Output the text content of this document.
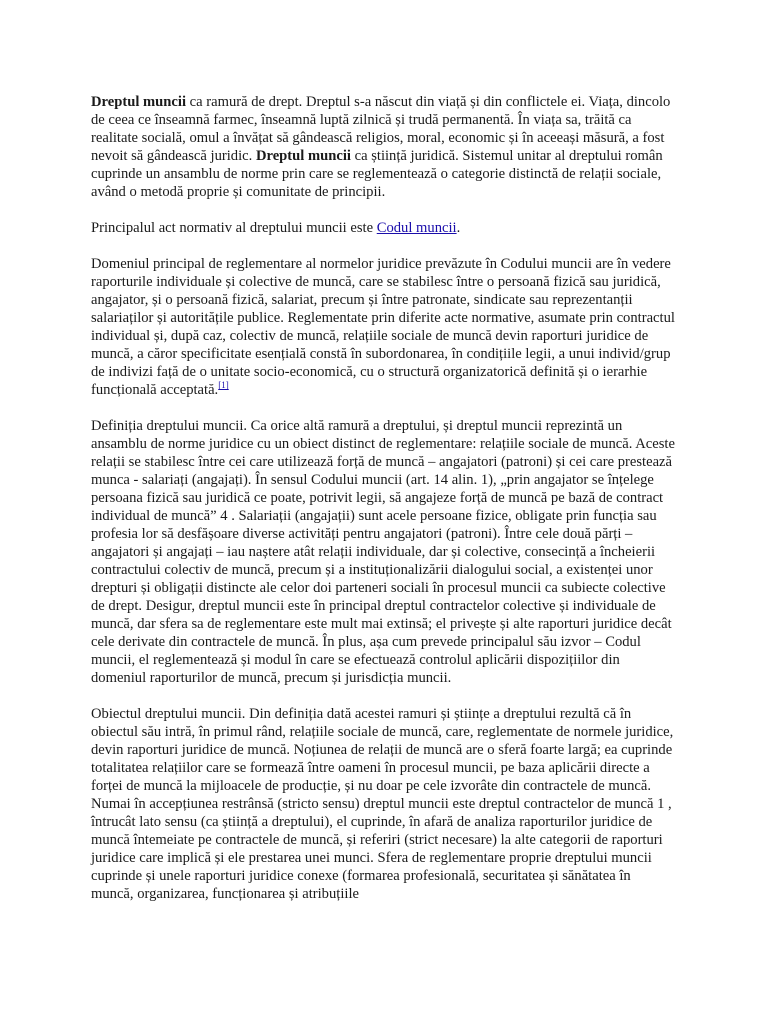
Dreptul muncii ca ramură de drept. Dreptul s-a născut din viață și din conflictele ei. Viața, dincolo de ceea ce înseamnă farmec, înseamnă luptă zilnică și trudă permanentă. În viața sa, trăită ca realitate socială, omul a învățat să gândească religios, moral, economic și în aceeași măsură, a fost nevoit să gândească juridic. Dreptul muncii ca știință juridică. Sistemul unitar al dreptului român cuprinde un ansamblu de norme prin care se reglementează o categorie distinctă de relații sociale, având o metodă proprie și comunitate de principii.

Principalul act normativ al dreptului muncii este Codul muncii.

Domeniul principal de reglementare al normelor juridice prevăzute în Codului muncii are în vedere raporturile individuale și colective de muncă, care se stabilesc între o persoană fizică sau juridică, angajator, și o persoană fizică, salariat, precum și între patronate, sindicate sau reprezentanții salariaților și autoritățile publice. Reglementate prin diferite acte normative, asumate prin contractul individual și, după caz, colectiv de muncă, relațiile sociale de muncă devin raporturi juridice de muncă, a căror specificitate esențială constă în subordonarea, în condițiile legii, a unui individ/grup de indivizi față de o unitate socio-economică, cu o structură organizatorică definită și o ierarhie funcțională acceptată.[1]

Definiția dreptului muncii. Ca orice altă ramură a dreptului, și dreptul muncii reprezintă un ansamblu de norme juridice cu un obiect distinct de reglementare: relațiile sociale de muncă. Aceste relații se stabilesc între cei care utilizează forță de muncă – angajatori (patroni) și cei care prestează munca - salariați (angajați). În sensul Codului muncii (art. 14 alin. 1), „prin angajator se înțelege persoana fizică sau juridică ce poate, potrivit legii, să angajeze forță de muncă pe bază de contract individual de muncă” 4 . Salariații (angajații) sunt acele persoane fizice, obligate prin funcția sau profesia lor să desfășoare diverse activități pentru angajatori (patroni). Între cele două părți – angajatori și angajați – iau naștere atât relații individuale, dar și colective, consecință a încheierii contractului colectiv de muncă, precum și a instituționalizării dialogului social, a existenței unor drepturi și obligații distincte ale celor doi parteneri sociali în procesul muncii ca subiecte colective de drept. Desigur, dreptul muncii este în principal dreptul contractelor colective și individuale de muncă, dar sfera sa de reglementare este mult mai extinsă; el privește și alte raporturi juridice decât cele derivate din contractele de muncă. În plus, așa cum prevede principalul său izvor – Codul muncii, el reglementează și modul în care se efectuează controlul aplicării dispozițiilor din domeniul raporturilor de muncă, precum și jurisdicția muncii.

Obiectul dreptului muncii. Din definiția dată acestei ramuri și științe a dreptului rezultă că în obiectul său intră, în primul rând, relațiile sociale de muncă, care, reglementate de normele juridice, devin raporturi juridice de muncă. Noțiunea de relații de muncă are o sferă foarte largă; ea cuprinde totalitatea relațiilor care se formează între oameni în procesul muncii, pe baza aplicării directe a forței de muncă la mijloacele de producție, și nu doar pe cele izvorâte din contractele de muncă. Numai în accepțiunea restrânsă (stricto sensu) dreptul muncii este dreptul contractelor de muncă 1 , întrucât lato sensu (ca știință a dreptului), el cuprinde, în afară de analiza raporturilor juridice de muncă întemeiate pe contractele de muncă, și referiri (strict necesare) la alte categorii de raporturi juridice care implică și ele prestarea unei munci. Sfera de reglementare proprie dreptului muncii cuprinde și unele raporturi juridice conexe (formarea profesională, securitatea și sănătatea în muncă, organizarea, funcționarea și atribuțiile
